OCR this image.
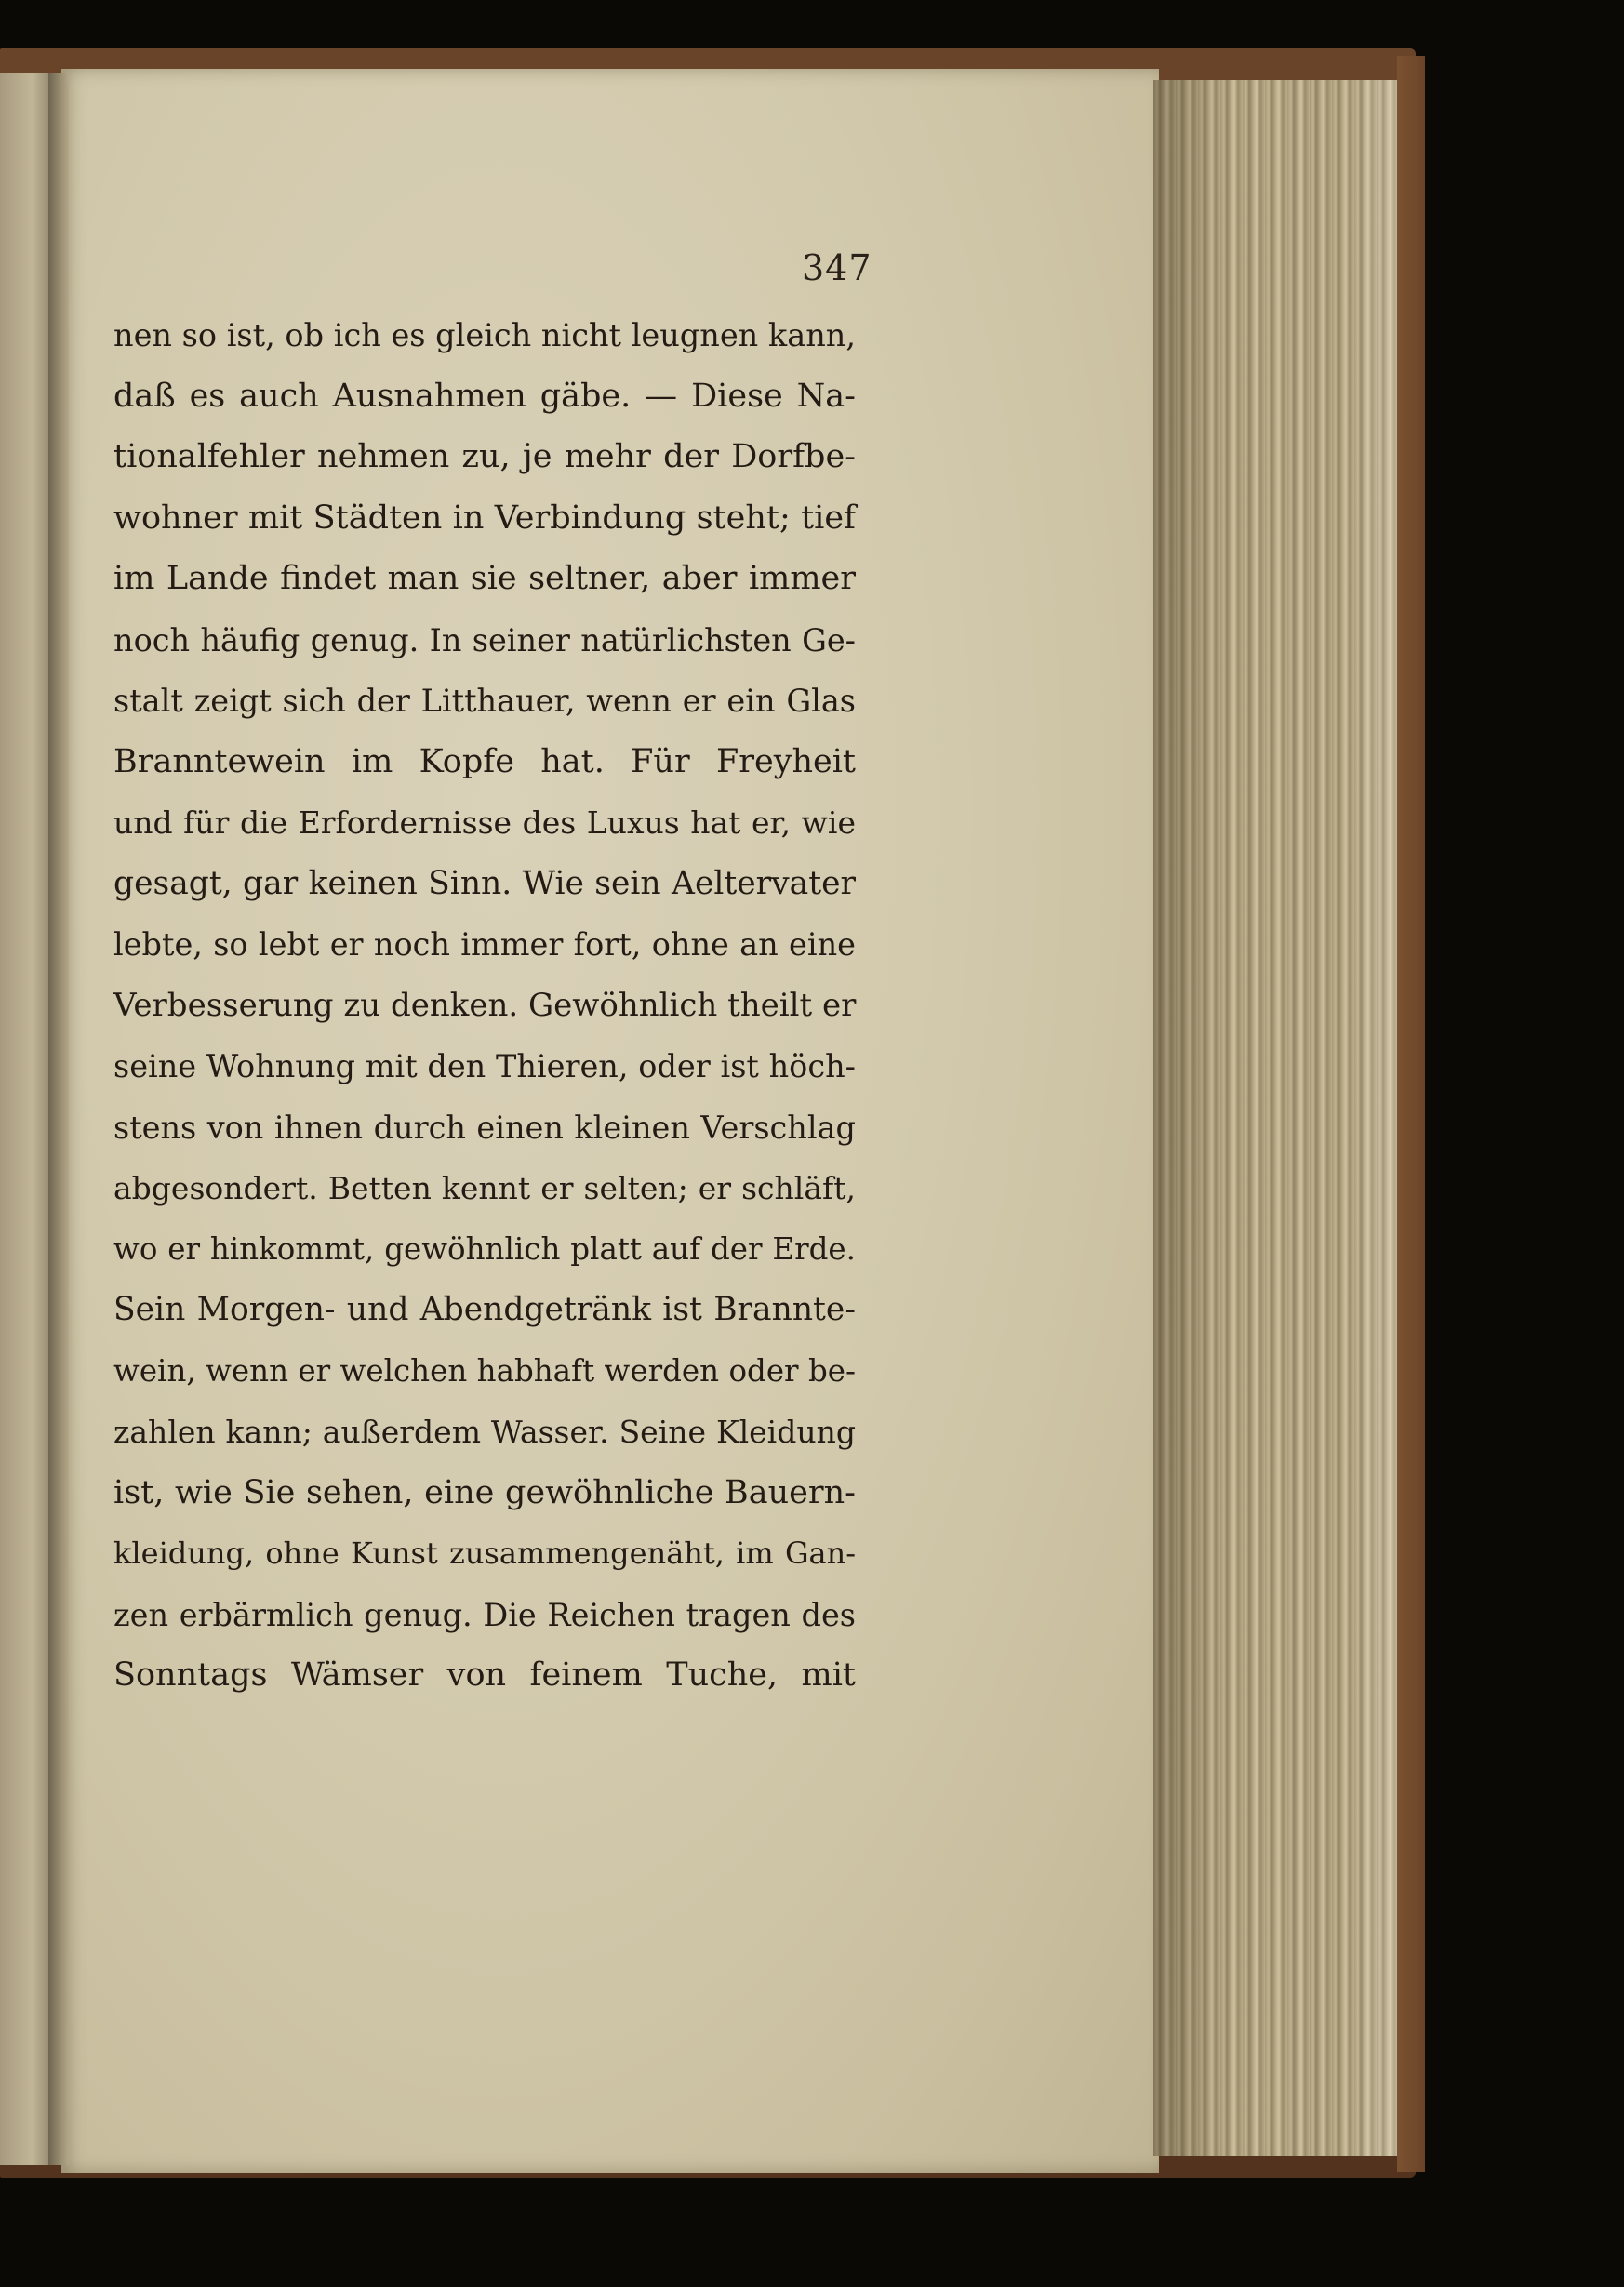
347
nen so ist, ob ich es gleich nicht leugnen kann,
daß es auch Ausnahmen gäbe. — Diese Na-
tionalfehler nehmen zu, je mehr der Dorfbe-
wohner mit Städten in Verbindung steht; tief
im Lande findet man sie seltner, aber immer
noch häufig genug. In seiner natürlichsten Ge-
stalt zeigt sich der Litthauer, wenn er ein Glas
Branntewein im Kopfe hat. Für Freyheit
und für die Erfordernisse des Luxus hat er, wie
gesagt, gar keinen Sinn. Wie sein Aeltervater
lebte, so lebt er noch immer fort, ohne an eine
Verbesserung zu denken. Gewöhnlich theilt er
seine Wohnung mit den Thieren, oder ist höch-
stens von ihnen durch einen kleinen Verschlag
abgesondert. Betten kennt er selten; er schläft,
wo er hinkommt, gewöhnlich platt auf der Erde.
Sein Morgen- und Abendgetränk ist Brannte-
wein, wenn er welchen habhaft werden oder be-
zahlen kann; außerdem Wasser. Seine Kleidung
ist, wie Sie sehen, eine gewöhnliche Bauern-
kleidung, ohne Kunst zusammengenäht, im Gan-
zen erbärmlich genug. Die Reichen tragen des
Sonntags Wämser von feinem Tuche, mit
